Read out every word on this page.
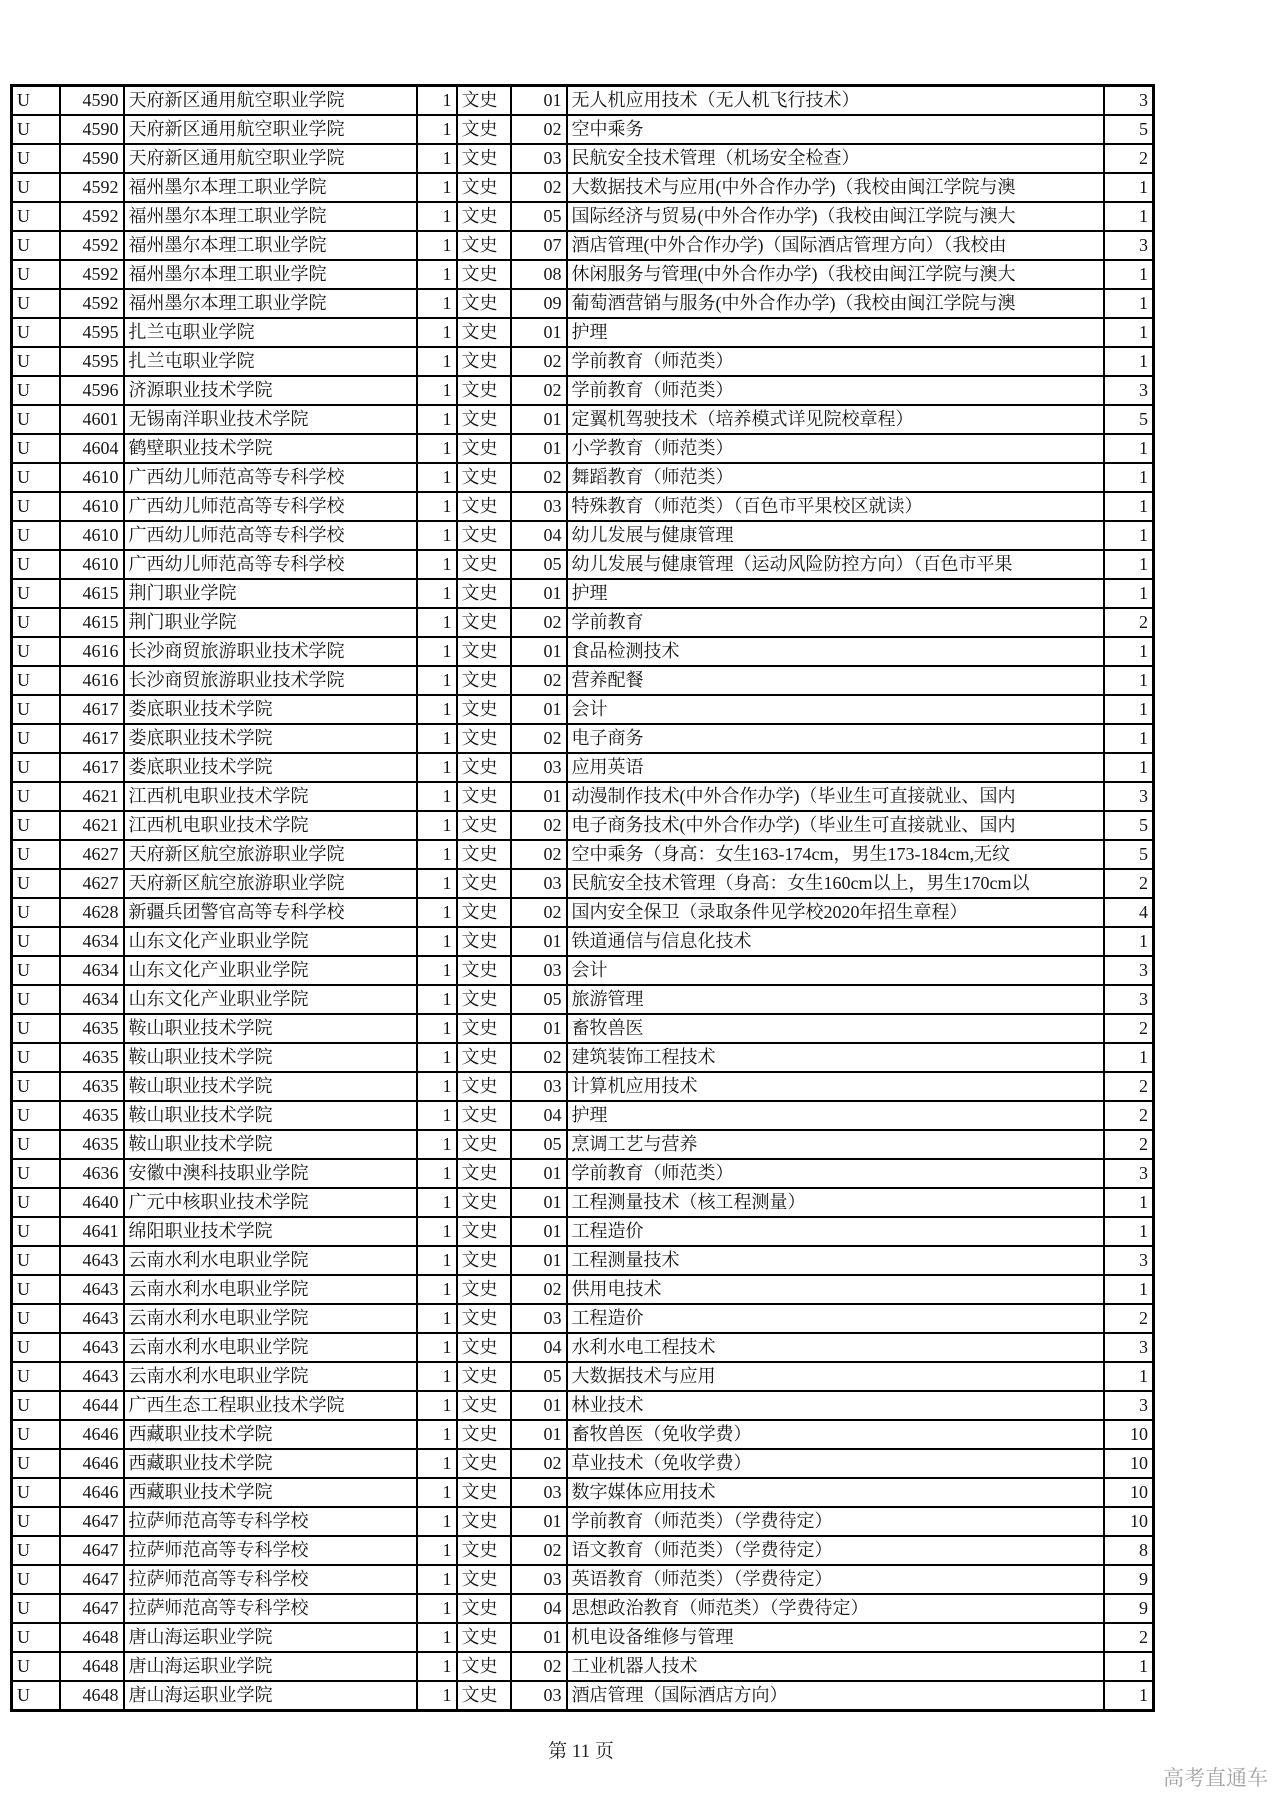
U	4590	天府新区通用航空职业学院	1	文史	01	无人机应用技术（无人机飞行技术）	3
U	4590	天府新区通用航空职业学院	1	文史	02	空中乘务	5
U	4590	天府新区通用航空职业学院	1	文史	03	民航安全技术管理（机场安全检查）	2
U	4592	福州墨尔本理工职业学院	1	文史	02	大数据技术与应用(中外合作办学)（我校由闽江学院与澳	1
U	4592	福州墨尔本理工职业学院	1	文史	05	国际经济与贸易(中外合作办学)（我校由闽江学院与澳大	1
U	4592	福州墨尔本理工职业学院	1	文史	07	酒店管理(中外合作办学)（国际酒店管理方向）（我校由	3
U	4592	福州墨尔本理工职业学院	1	文史	08	休闲服务与管理(中外合作办学)（我校由闽江学院与澳大	1
U	4592	福州墨尔本理工职业学院	1	文史	09	葡萄酒营销与服务(中外合作办学)（我校由闽江学院与澳	1
U	4595	扎兰屯职业学院	1	文史	01	护理	1
U	4595	扎兰屯职业学院	1	文史	02	学前教育（师范类）	1
U	4596	济源职业技术学院	1	文史	02	学前教育（师范类）	3
U	4601	无锡南洋职业技术学院	1	文史	01	定翼机驾驶技术（培养模式详见院校章程）	5
U	4604	鹤壁职业技术学院	1	文史	01	小学教育（师范类）	1
U	4610	广西幼儿师范高等专科学校	1	文史	02	舞蹈教育（师范类）	1
U	4610	广西幼儿师范高等专科学校	1	文史	03	特殊教育（师范类）（百色市平果校区就读）	1
U	4610	广西幼儿师范高等专科学校	1	文史	04	幼儿发展与健康管理	1
U	4610	广西幼儿师范高等专科学校	1	文史	05	幼儿发展与健康管理（运动风险防控方向）（百色市平果	1
U	4615	荆门职业学院	1	文史	01	护理	1
U	4615	荆门职业学院	1	文史	02	学前教育	2
U	4616	长沙商贸旅游职业技术学院	1	文史	01	食品检测技术	1
U	4616	长沙商贸旅游职业技术学院	1	文史	02	营养配餐	1
U	4617	娄底职业技术学院	1	文史	01	会计	1
U	4617	娄底职业技术学院	1	文史	02	电子商务	1
U	4617	娄底职业技术学院	1	文史	03	应用英语	1
U	4621	江西机电职业技术学院	1	文史	01	动漫制作技术(中外合作办学)（毕业生可直接就业、国内	3
U	4621	江西机电职业技术学院	1	文史	02	电子商务技术(中外合作办学)（毕业生可直接就业、国内	5
U	4627	天府新区航空旅游职业学院	1	文史	02	空中乘务（身高：女生163-174cm，男生173-184cm,无纹	5
U	4627	天府新区航空旅游职业学院	1	文史	03	民航安全技术管理（身高：女生160cm以上，男生170cm以	2
U	4628	新疆兵团警官高等专科学校	1	文史	02	国内安全保卫（录取条件见学校2020年招生章程）	4
U	4634	山东文化产业职业学院	1	文史	01	铁道通信与信息化技术	1
U	4634	山东文化产业职业学院	1	文史	03	会计	3
U	4634	山东文化产业职业学院	1	文史	05	旅游管理	3
U	4635	鞍山职业技术学院	1	文史	01	畜牧兽医	2
U	4635	鞍山职业技术学院	1	文史	02	建筑装饰工程技术	1
U	4635	鞍山职业技术学院	1	文史	03	计算机应用技术	2
U	4635	鞍山职业技术学院	1	文史	04	护理	2
U	4635	鞍山职业技术学院	1	文史	05	烹调工艺与营养	2
U	4636	安徽中澳科技职业学院	1	文史	01	学前教育（师范类）	3
U	4640	广元中核职业技术学院	1	文史	01	工程测量技术（核工程测量）	1
U	4641	绵阳职业技术学院	1	文史	01	工程造价	1
U	4643	云南水利水电职业学院	1	文史	01	工程测量技术	3
U	4643	云南水利水电职业学院	1	文史	02	供用电技术	1
U	4643	云南水利水电职业学院	1	文史	03	工程造价	2
U	4643	云南水利水电职业学院	1	文史	04	水利水电工程技术	3
U	4643	云南水利水电职业学院	1	文史	05	大数据技术与应用	1
U	4644	广西生态工程职业技术学院	1	文史	01	林业技术	3
U	4646	西藏职业技术学院	1	文史	01	畜牧兽医（免收学费）	10
U	4646	西藏职业技术学院	1	文史	02	草业技术（免收学费）	10
U	4646	西藏职业技术学院	1	文史	03	数字媒体应用技术	10
U	4647	拉萨师范高等专科学校	1	文史	01	学前教育（师范类）（学费待定）	10
U	4647	拉萨师范高等专科学校	1	文史	02	语文教育（师范类）（学费待定）	8
U	4647	拉萨师范高等专科学校	1	文史	03	英语教育（师范类）（学费待定）	9
U	4647	拉萨师范高等专科学校	1	文史	04	思想政治教育（师范类）（学费待定）	9
U	4648	唐山海运职业学院	1	文史	01	机电设备维修与管理	2
U	4648	唐山海运职业学院	1	文史	02	工业机器人技术	1
U	4648	唐山海运职业学院	1	文史	03	酒店管理（国际酒店方向）	1
第 11 页
高考直通车
